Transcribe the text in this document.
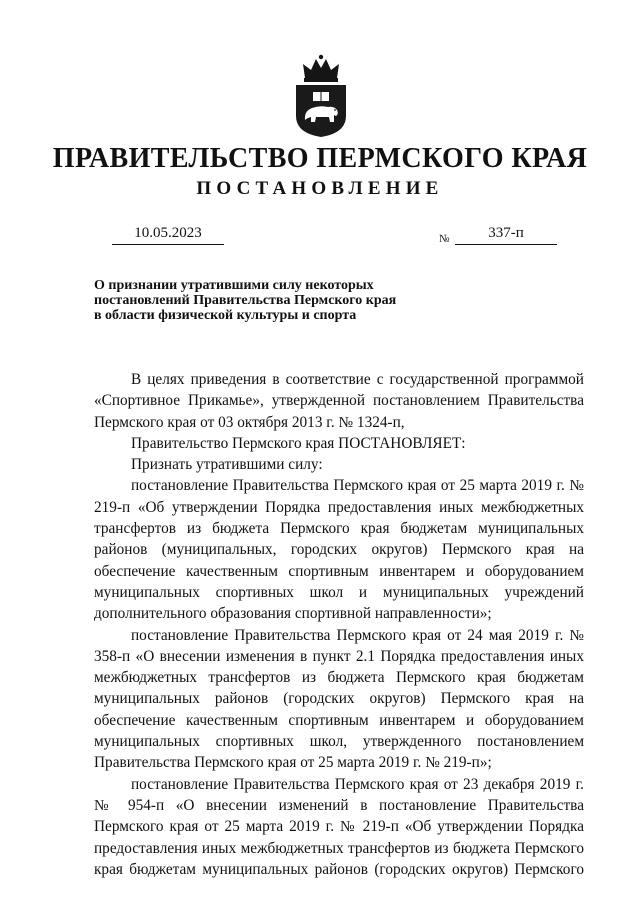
ПРАВИТЕЛЬСТВО ПЕРМСКОГО КРАЯ
ПОСТАНОВЛЕНИЕ
10.05.2023	№	337-п
О признании утратившими силу некоторых
постановлений Правительства Пермского края
в области физической культуры и спорта

В целях приведения в соответствие с государственной программой «Спортивное Прикамье», утвержденной постановлением Правительства Пермского края от 03 октября 2013 г. № 1324-п,

Правительство Пермского края ПОСТАНОВЛЯЕТ:

Признать утратившими силу:

постановление Правительства Пермского края от 25 марта 2019 г. № 219-п «Об утверждении Порядка предоставления иных межбюджетных трансфертов из бюджета Пермского края бюджетам муниципальных районов (муниципальных, городских округов) Пермского края на обеспечение качественным спортивным инвентарем и оборудованием муниципальных спортивных школ и муниципальных учреждений дополнительного образования спортивной направленности»;

постановление Правительства Пермского края от 24 мая 2019 г. № 358-п «О внесении изменения в пункт 2.1 Порядка предоставления иных межбюджетных трансфертов из бюджета Пермского края бюджетам муниципальных районов (городских округов) Пермского края на обеспечение качественным спортивным инвентарем и оборудованием муниципальных спортивных школ, утвержденного постановлением Правительства Пермского края от 25 марта 2019 г. № 219-п»;

постановление Правительства Пермского края от 23 декабря 2019 г. № 954-п «О внесении изменений в постановление Правительства Пермского края от 25 марта 2019 г. № 219-п «Об утверждении Порядка предоставления иных межбюджетных трансфертов из бюджета Пермского края бюджетам муниципальных районов (городских округов) Пермского
